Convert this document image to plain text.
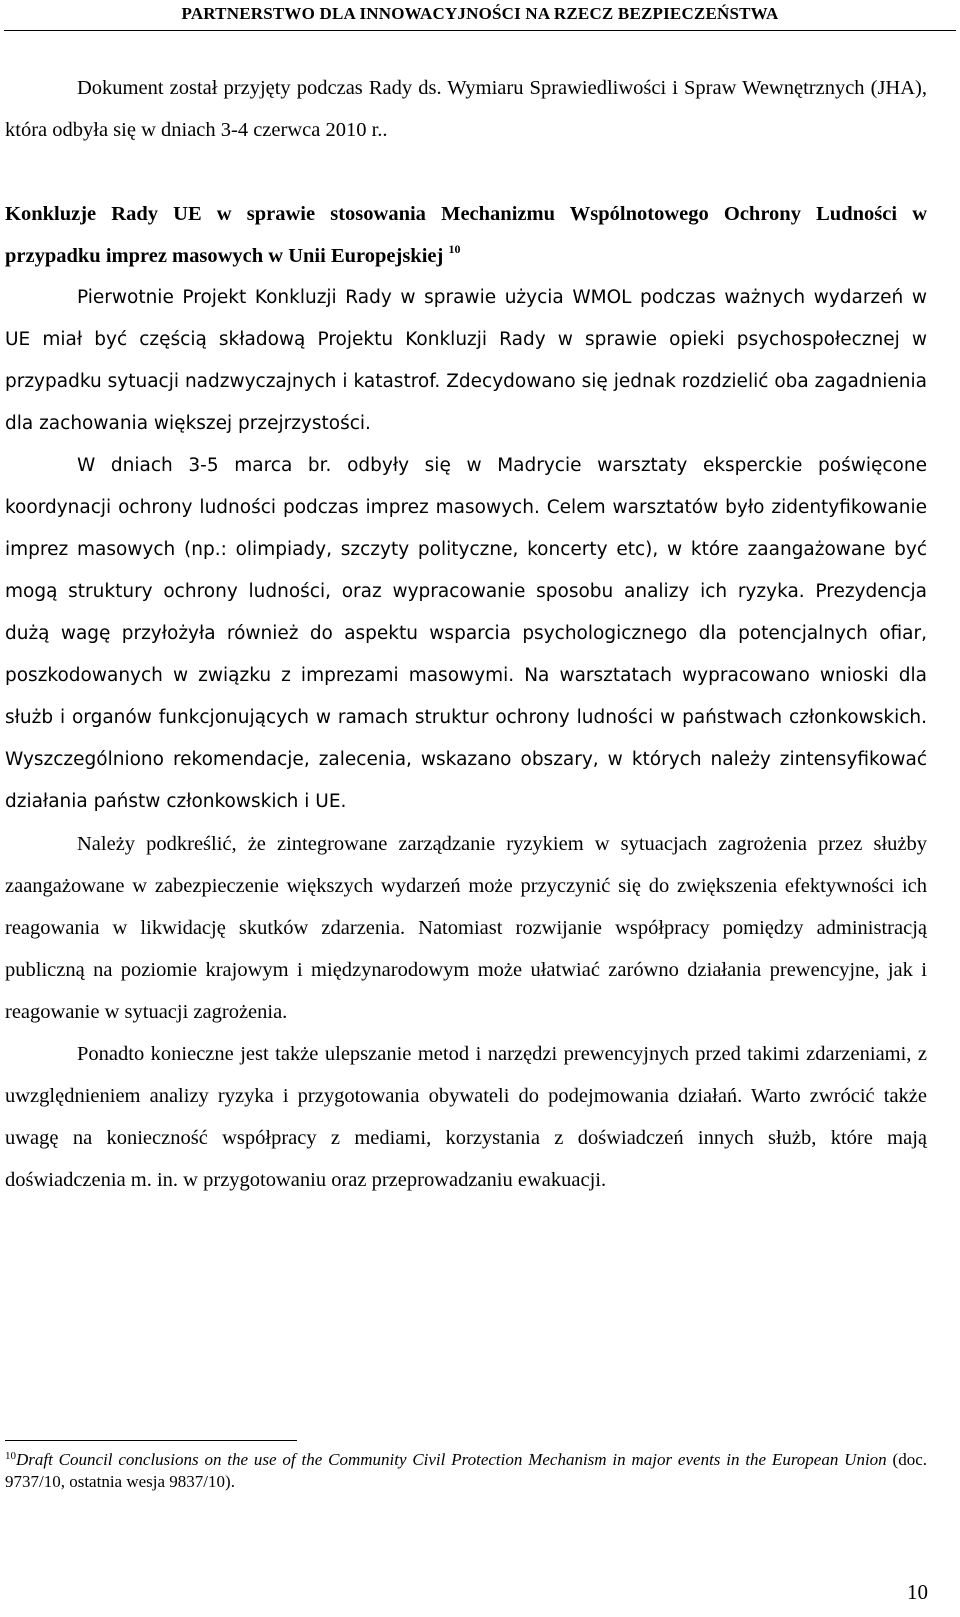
PARTNERSTWO DLA INNOWACYJNOŚCI NA RZECZ BEZPIECZEŃSTWA

Dokument został przyjęty podczas Rady ds. Wymiaru Sprawiedliwości i Spraw Wewnętrznych (JHA), która odbyła się w dniach 3-4 czerwca 2010 r..

Konkluzje Rady UE w sprawie stosowania Mechanizmu Wspólnotowego Ochrony Ludności w przypadku imprez masowych w Unii Europejskiej $^{10}$

Pierwotnie Projekt Konkluzji Rady w sprawie użycia WMOL podczas ważnych wydarzeń w UE miał być częścią składową Projektu Konkluzji Rady w sprawie opieki psychospołecznej w przypadku sytuacji nadzwyczajnych i katastrof. Zdecydowano się jednak rozdzielić oba zagadnienia dla zachowania większej przejrzystości.

W dniach 3-5 marca br. odbyły się w Madrycie warsztaty eksperckie poświęcone koordynacji ochrony ludności podczas imprez masowych. Celem warsztatów było zidentyfikowanie imprez masowych (np.: olimpiady, szczyty polityczne, koncerty etc), w które zaangażowane być mogą struktury ochrony ludności, oraz wypracowanie sposobu analizy ich ryzyka. Prezydencja dużą wagę przyłożyła również do aspektu wsparcia psychologicznego dla potencjalnych ofiar, poszkodowanych w związku z imprezami masowymi. Na warsztatach wypracowano wnioski dla służb i organów funkcjonujących w ramach struktur ochrony ludności w państwach członkowskich. Wyszczególniono rekomendacje, zalecenia, wskazano obszary, w których należy zintensyfikować działania państw członkowskich i UE.

Należy podkreślić, że zintegrowane zarządzanie ryzykiem w sytuacjach zagrożenia przez służby zaangażowane w zabezpieczenie większych wydarzeń może przyczynić się do zwiększenia efektywności ich reagowania w likwidację skutków zdarzenia. Natomiast rozwijanie współpracy pomiędzy administracją publiczną na poziomie krajowym i międzynarodowym może ułatwiać zarówno działania prewencyjne, jak i reagowanie w sytuacji zagrożenia.

Ponadto konieczne jest także ulepszanie metod i narzędzi prewencyjnych przed takimi zdarzeniami, z uwzględnieniem analizy ryzyka i przygotowania obywateli do podejmowania działań. Warto zwrócić także uwagę na konieczność współpracy z mediami, korzystania z doświadczeń innych służb, które mają doświadczenia m. in. w przygotowaniu oraz przeprowadzaniu ewakuacji.

$^{10}$Draft Council conclusions on the use of the Community Civil Protection Mechanism in major events in the European Union (doc. 9737/10, ostatnia wesja 9837/10).
10
